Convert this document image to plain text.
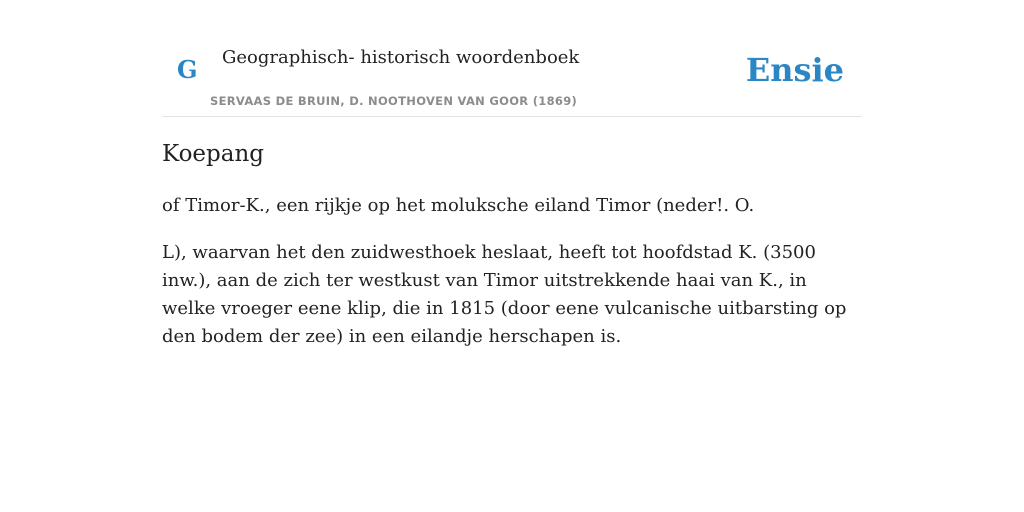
G Geographisch- historisch woordenboek
SERVAAS DE BRUIN, D. NOOTHOVEN VAN GOOR (1869)
Ensie
Koepang

of Timor-K., een rijkje op het moluksche eiland Timor (neder!. O.

L), waarvan het den zuidwesthoek heslaat, heeft tot hoofdstad K. (3500 inw.), aan de zich ter westkust van Timor uitstrekkende haai van K., in welke vroeger eene klip, die in 1815 (door eene vulcanische uitbarsting op den bodem der zee) in een eilandje herschapen is.
